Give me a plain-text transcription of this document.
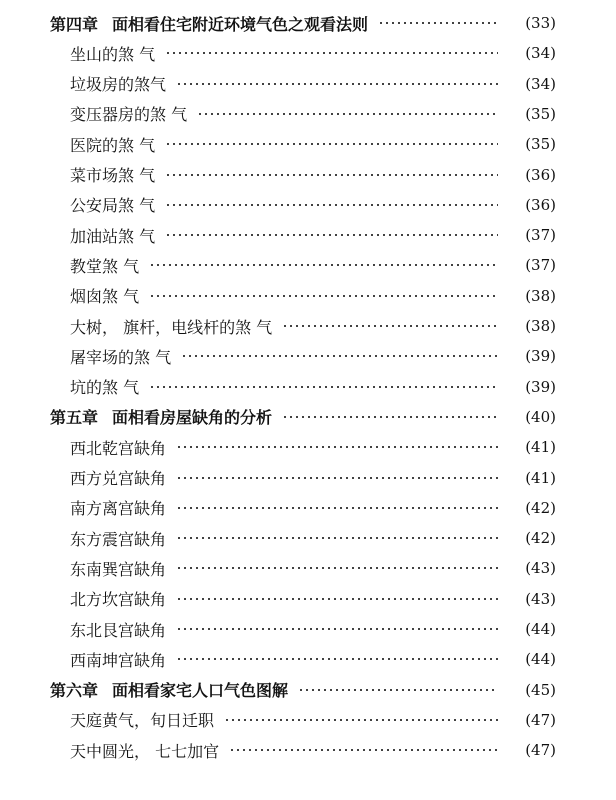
第四章 面相看住宅附近环境气色之观看法则	(33)
坐山的煞 气	(34)
垃圾房的煞气	(34)
变压器房的煞 气	(35)
医院的煞 气	(35)
菜市场煞 气	(36)
公安局煞 气	(36)
加油站煞 气	(37)
教堂煞 气	(37)
烟囱煞 气	(38)
大树， 旗杆，电线杆的煞 气	(38)
屠宰场的煞 气	(39)
坑的煞 气	(39)
第五章 面相看房屋缺角的分析	(40)
西北乾宫缺角	(41)
西方兑宫缺角	(41)
南方离宫缺角	(42)
东方震宫缺角	(42)
东南巽宫缺角	(43)
北方坎宫缺角	(43)
东北艮宫缺角	(44)
西南坤宫缺角	(44)
第六章 面相看家宅人口气色图解	(45)
天庭黄气，旬日迁职	(47)
天中圆光， 七七加官	(47)
